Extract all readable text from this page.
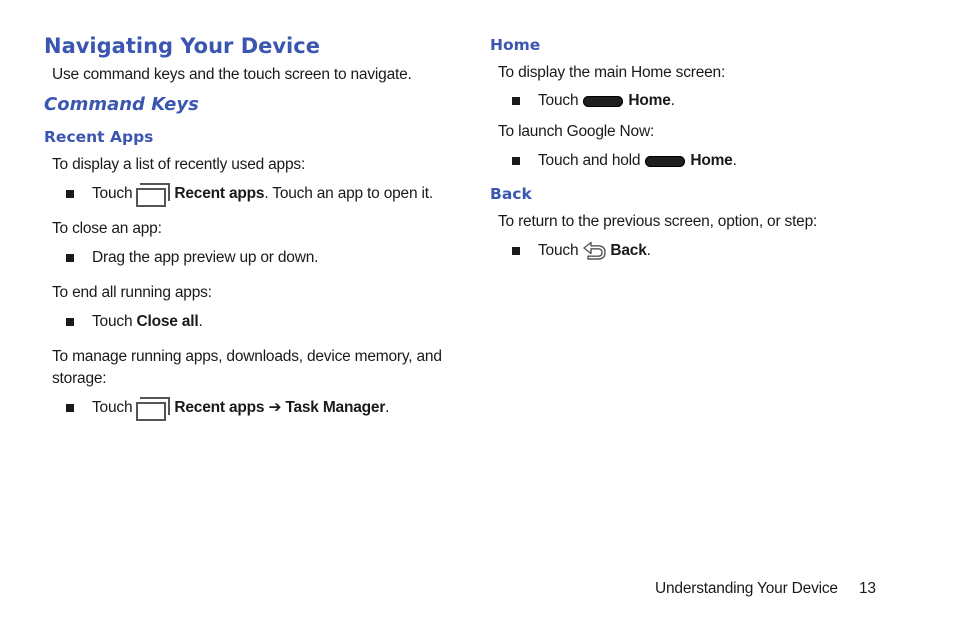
Navigating Your Device

Use command keys and the touch screen to navigate.

Command Keys
Recent Apps

To display a list of recently used apps:

Touch	Recent apps . Touch an app to open it.

To close an app:

Drag the app preview up or down.

To end all running apps:

Touch
Close all .

To manage running apps, downloads, device memory, and storage:

Touch	Recent apps ➔ Task Manager .
Home

To display the main Home screen:

Touch	Home .

To launch Google Now:

Touch and hold	Home .
Back

To return to the previous screen, option, or step:

Touch Back .
Understanding Your Device 13
